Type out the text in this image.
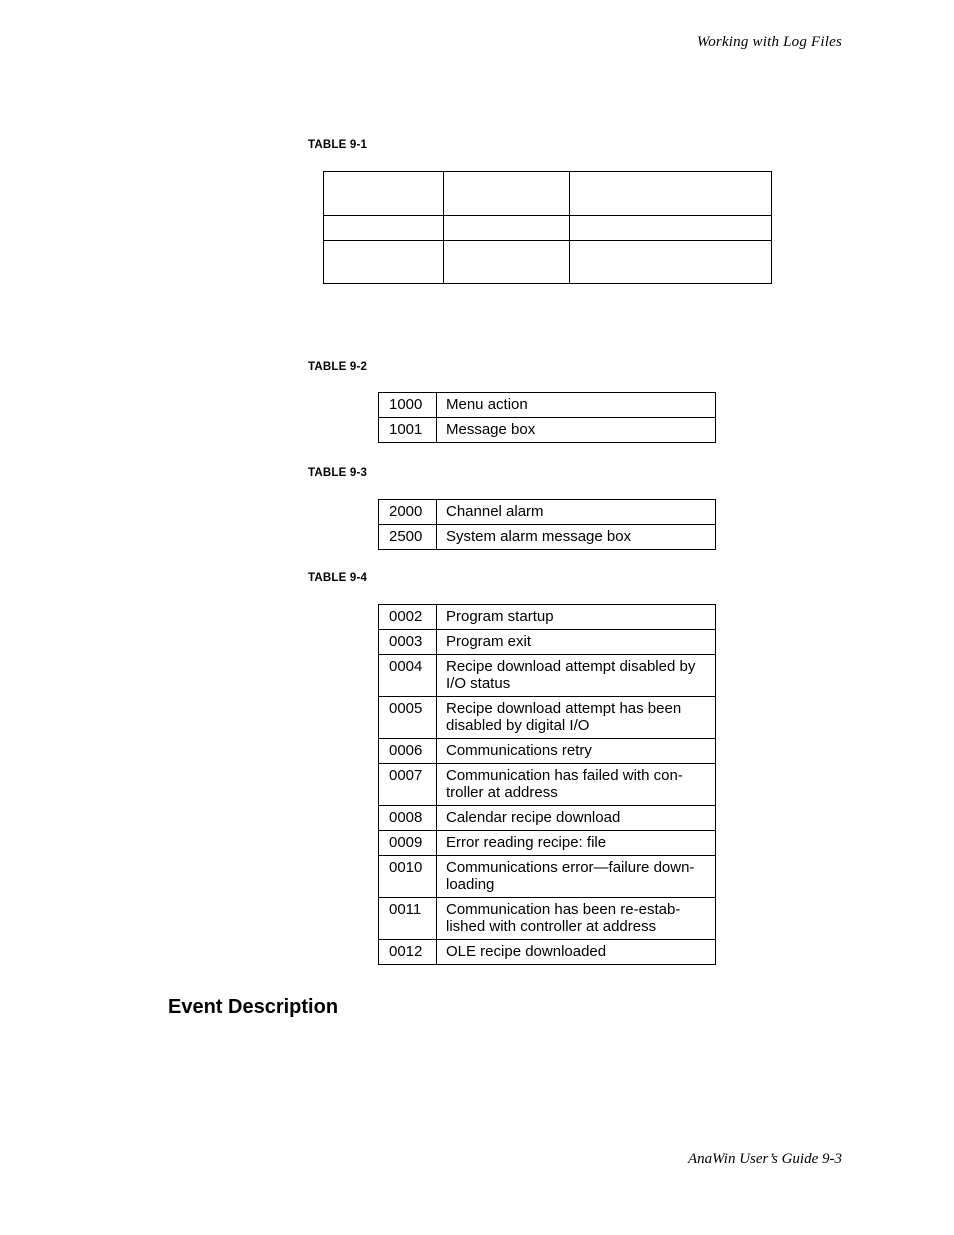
Working with Log Files
TABLE 9-1

TABLE 9-2
1000	Menu action
1001	Message box
TABLE 9-3
2000	Channel alarm
2500	System alarm message box
TABLE 9-4
0002	Program startup
0003	Program exit
0004	Recipe download attempt disabled by I/O status
0005	Recipe download attempt has been disabled by digital I/O
0006	Communications retry
0007	Communication has failed with con-troller at address
0008	Calendar recipe download
0009	Error reading recipe: file
0010	Communications error—failure down-loading
0011	Communication has been re-estab-lished with controller at address
0012	OLE recipe downloaded
Event Description
AnaWin User’s Guide 9-3
